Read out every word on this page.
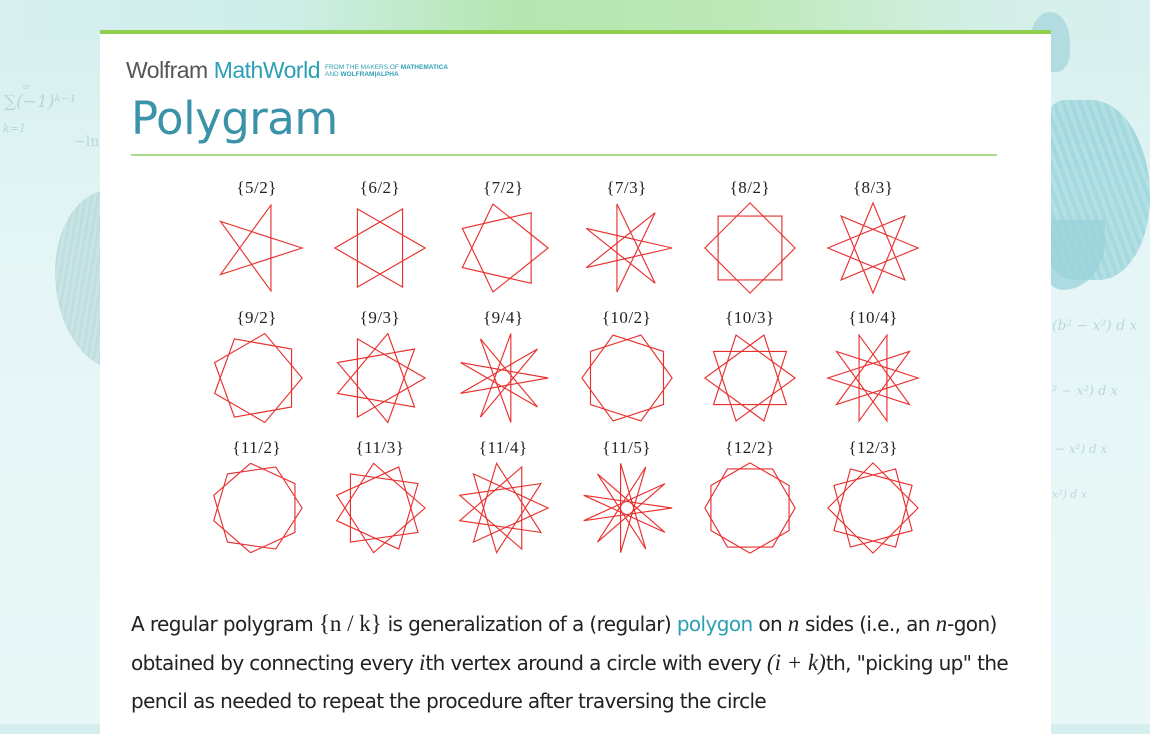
∞
∑(−1)ᵏ⁻¹
k=1
−ln
(b² − x²) d x
² − x²) d x
− x²) d x
x²) d x
Wolfram MathWorld FROM THE MAKERS OF MATHEMATICA
AND WOLFRAM|ALPHA
Polygram
{5/2}	{6/2}	{7/2}	{7/3}	{8/2}	{8/3}
{9/2}	{9/3}	{9/4}	{10/2}	{10/3}	{10/4}
{11/2}	{11/3}	{11/4}	{11/5}	{12/2}	{12/3}

A regular polygram {n / k} is generalization of a (regular) polygon on n sides (i.e., an n-gon) obtained by connecting every ith vertex around a circle with every (i + k)th, "picking up" the pencil as needed to repeat the procedure after traversing the circle
